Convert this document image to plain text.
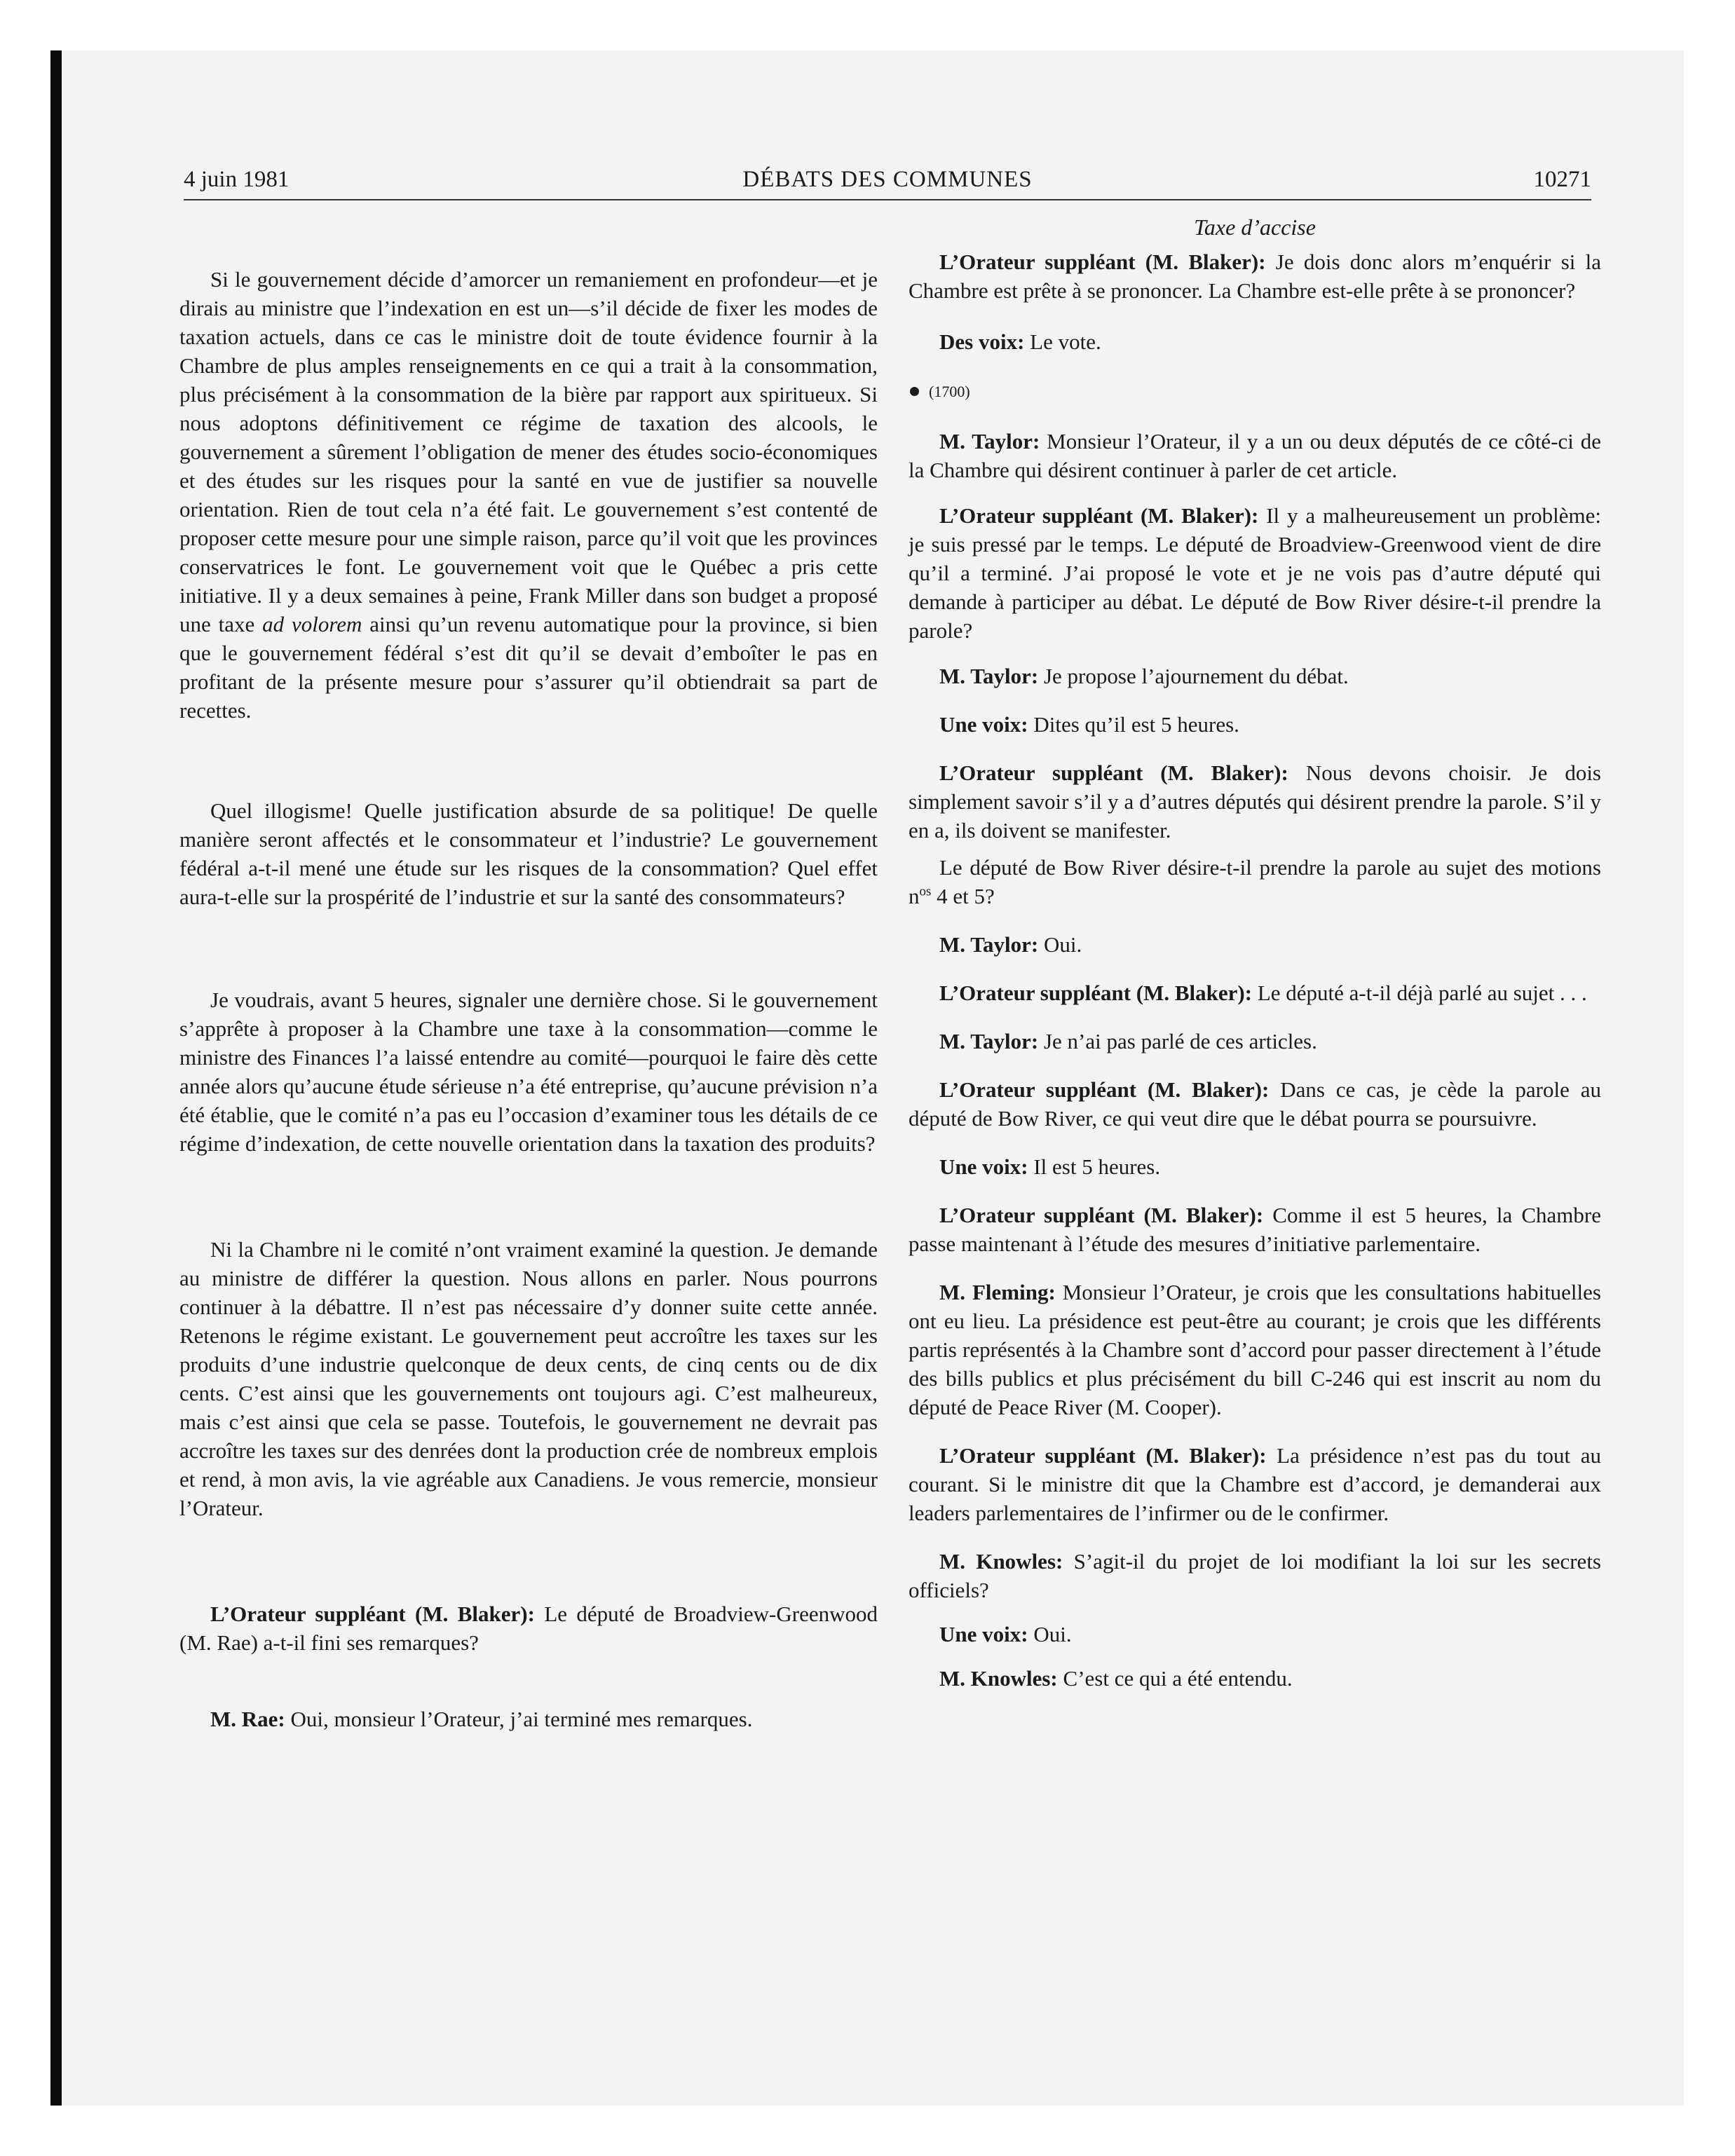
4 juin 1981	DÉBATS DES COMMUNES	10271

Si le gouvernement décide d’amorcer un remaniement en profondeur—et je dirais au ministre que l’indexation en est un—s’il décide de fixer les modes de taxation actuels, dans ce cas le ministre doit de toute évidence fournir à la Chambre de plus amples renseignements en ce qui a trait à la consommation, plus précisément à la consommation de la bière par rapport aux spiritueux. Si nous adoptons définitivement ce régime de taxation des alcools, le gouvernement a sûrement l’obligation de mener des études socio-économiques et des études sur les risques pour la santé en vue de justifier sa nouvelle orientation. Rien de tout cela n’a été fait. Le gouvernement s’est contenté de proposer cette mesure pour une simple raison, parce qu’il voit que les provinces conservatrices le font. Le gouvernement voit que le Québec a pris cette initiative. Il y a deux semaines à peine, Frank Miller dans son budget a proposé une taxe ad volorem ainsi qu’un revenu automatique pour la province, si bien que le gouvernement fédéral s’est dit qu’il se devait d’emboîter le pas en profitant de la présente mesure pour s’assurer qu’il obtiendrait sa part de recettes.

Quel illogisme! Quelle justification absurde de sa politique! De quelle manière seront affectés et le consommateur et l’industrie? Le gouvernement fédéral a-t-il mené une étude sur les risques de la consommation? Quel effet aura-t-elle sur la prospérité de l’industrie et sur la santé des consommateurs?

Je voudrais, avant 5 heures, signaler une dernière chose. Si le gouvernement s’apprête à proposer à la Chambre une taxe à la consommation—comme le ministre des Finances l’a laissé entendre au comité—pourquoi le faire dès cette année alors qu’aucune étude sérieuse n’a été entreprise, qu’aucune prévision n’a été établie, que le comité n’a pas eu l’occasion d’examiner tous les détails de ce régime d’indexation, de cette nouvelle orientation dans la taxation des produits?

Ni la Chambre ni le comité n’ont vraiment examiné la question. Je demande au ministre de différer la question. Nous allons en parler. Nous pourrons continuer à la débattre. Il n’est pas nécessaire d’y donner suite cette année. Retenons le régime existant. Le gouvernement peut accroître les taxes sur les produits d’une industrie quelconque de deux cents, de cinq cents ou de dix cents. C’est ainsi que les gouvernements ont toujours agi. C’est malheureux, mais c’est ainsi que cela se passe. Toutefois, le gouvernement ne devrait pas accroître les taxes sur des denrées dont la production crée de nombreux emplois et rend, à mon avis, la vie agréable aux Canadiens. Je vous remercie, monsieur l’Orateur.

L’Orateur suppléant (M. Blaker): Le député de Broadview-Greenwood (M. Rae) a-t-il fini ses remarques?

M. Rae: Oui, monsieur l’Orateur, j’ai terminé mes remarques.

Taxe d’accise

L’Orateur suppléant (M. Blaker): Je dois donc alors m’enquérir si la Chambre est prête à se prononcer. La Chambre est-elle prête à se prononcer?

Des voix: Le vote.

(1700)

M. Taylor: Monsieur l’Orateur, il y a un ou deux députés de ce côté-ci de la Chambre qui désirent continuer à parler de cet article.

L’Orateur suppléant (M. Blaker): Il y a malheureusement un problème: je suis pressé par le temps. Le député de Broadview-Greenwood vient de dire qu’il a terminé. J’ai proposé le vote et je ne vois pas d’autre député qui demande à participer au débat. Le député de Bow River désire-t-il prendre la parole?

M. Taylor: Je propose l’ajournement du débat.

Une voix: Dites qu’il est 5 heures.

L’Orateur suppléant (M. Blaker): Nous devons choisir. Je dois simplement savoir s’il y a d’autres députés qui désirent prendre la parole. S’il y en a, ils doivent se manifester.

Le député de Bow River désire-t-il prendre la parole au sujet des motions $n^{os}$ 4 et 5?

M. Taylor: Oui.

L’Orateur suppléant (M. Blaker): Le député a-t-il déjà parlé au sujet . . .

M. Taylor: Je n’ai pas parlé de ces articles.

L’Orateur suppléant (M. Blaker): Dans ce cas, je cède la parole au député de Bow River, ce qui veut dire que le débat pourra se poursuivre.

Une voix: Il est 5 heures.

L’Orateur suppléant (M. Blaker): Comme il est 5 heures, la Chambre passe maintenant à l’étude des mesures d’initiative parlementaire.

M. Fleming: Monsieur l’Orateur, je crois que les consultations habituelles ont eu lieu. La présidence est peut-être au courant; je crois que les différents partis représentés à la Chambre sont d’accord pour passer directement à l’étude des bills publics et plus précisément du bill C-246 qui est inscrit au nom du député de Peace River (M. Cooper).

L’Orateur suppléant (M. Blaker): La présidence n’est pas du tout au courant. Si le ministre dit que la Chambre est d’accord, je demanderai aux leaders parlementaires de l’infirmer ou de le confirmer.

M. Knowles: S’agit-il du projet de loi modifiant la loi sur les secrets officiels?

Une voix: Oui.

M. Knowles: C’est ce qui a été entendu.
